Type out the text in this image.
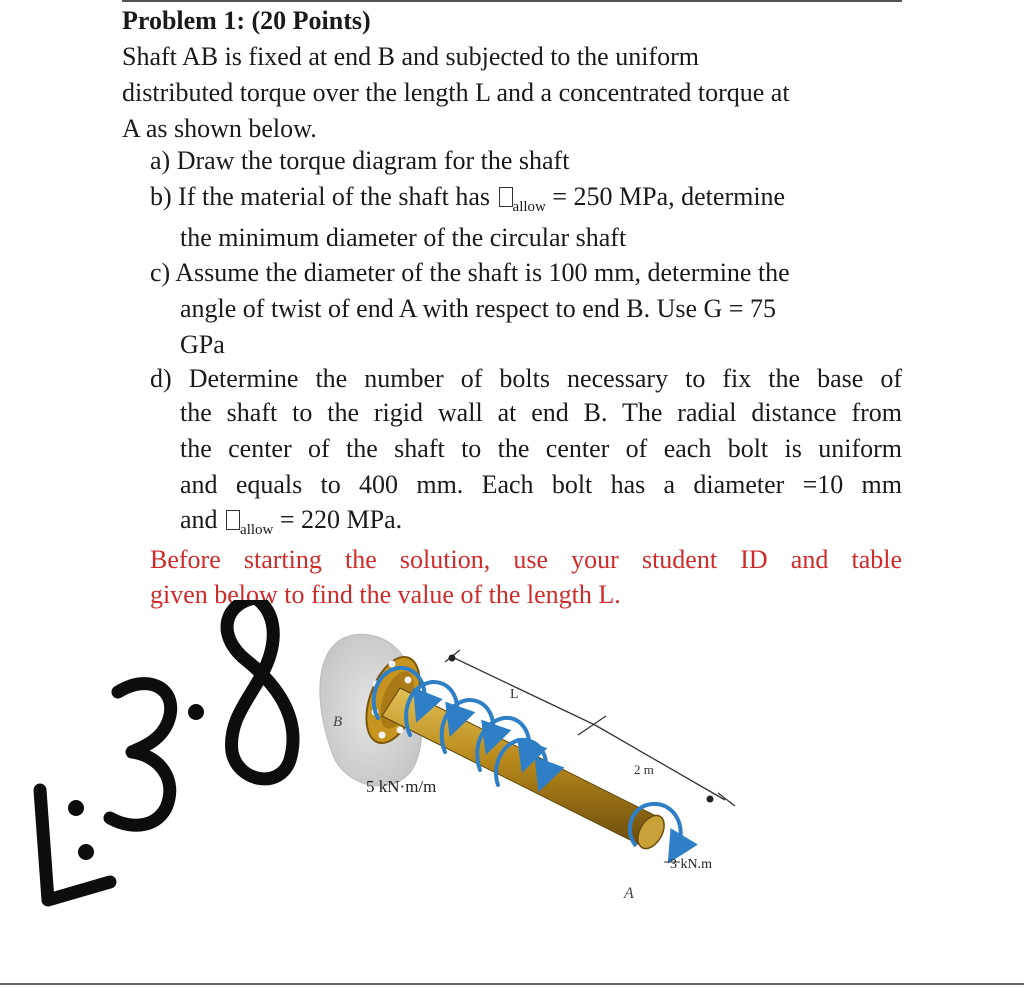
Problem 1: (20 Points)
Shaft AB is fixed at end B and subjected to the uniform
distributed torque over the length L and a concentrated torque at
A as shown below.
a) Draw the torque diagram for the shaft
b) If the material of the shaft has $_{allow}$ = 250 MPa, determine
the minimum diameter of the circular shaft
c) Assume the diameter of the shaft is 100 mm, determine the
angle of twist of end A with respect to end B. Use G = 75
GPa
d) Determine the number of bolts necessary to fix the base of
the shaft to the rigid wall at end B. The radial distance from
the center of the shaft to the center of each bolt is uniform
and equals to 400 mm. Each bolt has a diameter =10 mm
and $_{allow}$ = 220 MPa.
Before starting the solution, use your student ID and table
given below to find the value of the length L.
B
L
2 m
5 kN·m/m
3 kN.m
A
